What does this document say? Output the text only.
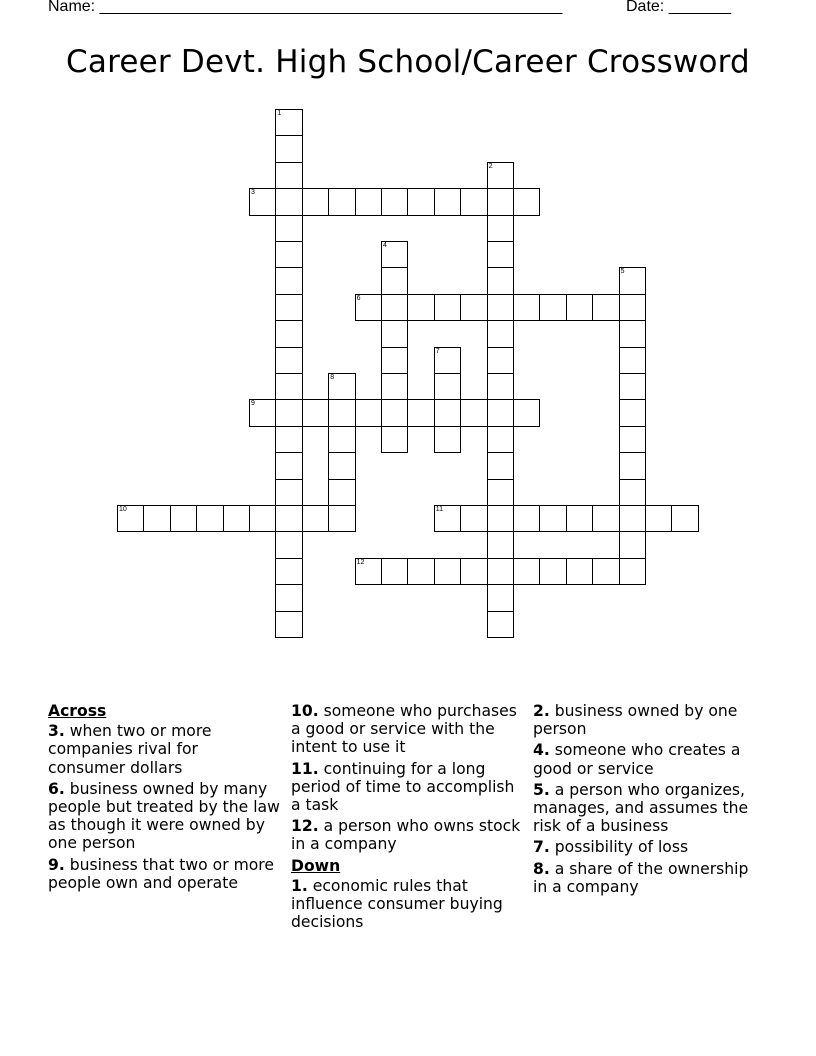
Name: ____________________________________________________	Date: _______
Career Devt. High School/Career Crossword
1
2
3
4
5
6
7
8
9
10	11
12
Across
3. when two or more companies rival for consumer dollars
6. business owned by many people but treated by the law as though it were owned by one person
9. business that two or more people own and operate
10. someone who purchases a good or service with the intent to use it
11. continuing for a long period of time to accomplish a task
12. a person who owns stock in a company
Down
1. economic rules that influence consumer buying decisions
2. business owned by one person
4. someone who creates a good or service
5. a person who organizes, manages, and assumes the risk of a business
7. possibility of loss
8. a share of the ownership in a company
